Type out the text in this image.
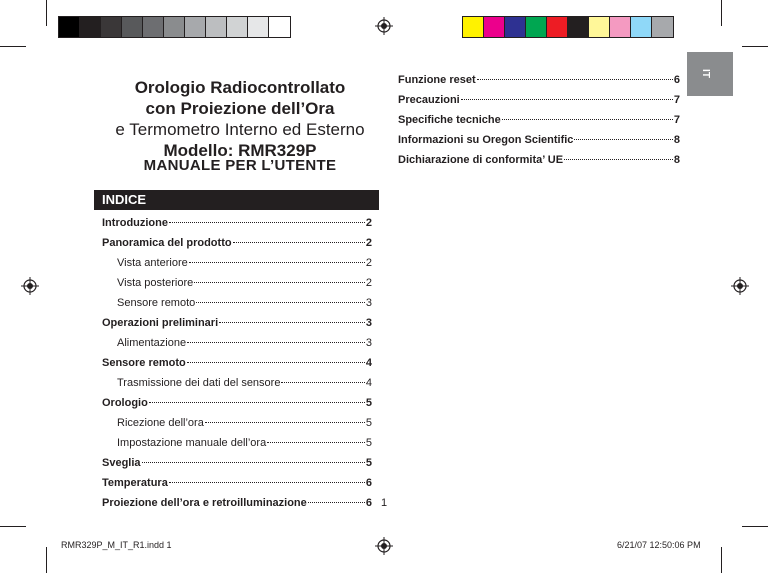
IT
Orologio Radiocontrollato
con Proiezione dell’Ora
e Termometro Interno ed Esterno
Modello: RMR329P
MANUALE PER L’UTENTE
INDICE
Introduzione	2
Panoramica del prodotto	2
Vista anteriore	2
Vista posteriore	2
Sensore remoto	3
Operazioni preliminari	3
Alimentazione	3
Sensore remoto	4
Trasmissione dei dati del sensore	4
Orologio	5
Ricezione dell’ora	5
Impostazione manuale dell’ora	5
Sveglia	5
Temperatura	6
Proiezione dell’ora e retroilluminazione	6
Funzione reset	6
Precauzioni	7
Specifiche tecniche	7
Informazioni su Oregon Scientific	8
Dichiarazione di conformita’ UE	8
1
RMR329P_M_IT_R1.indd 1	6/21/07 12:50:06 PM
